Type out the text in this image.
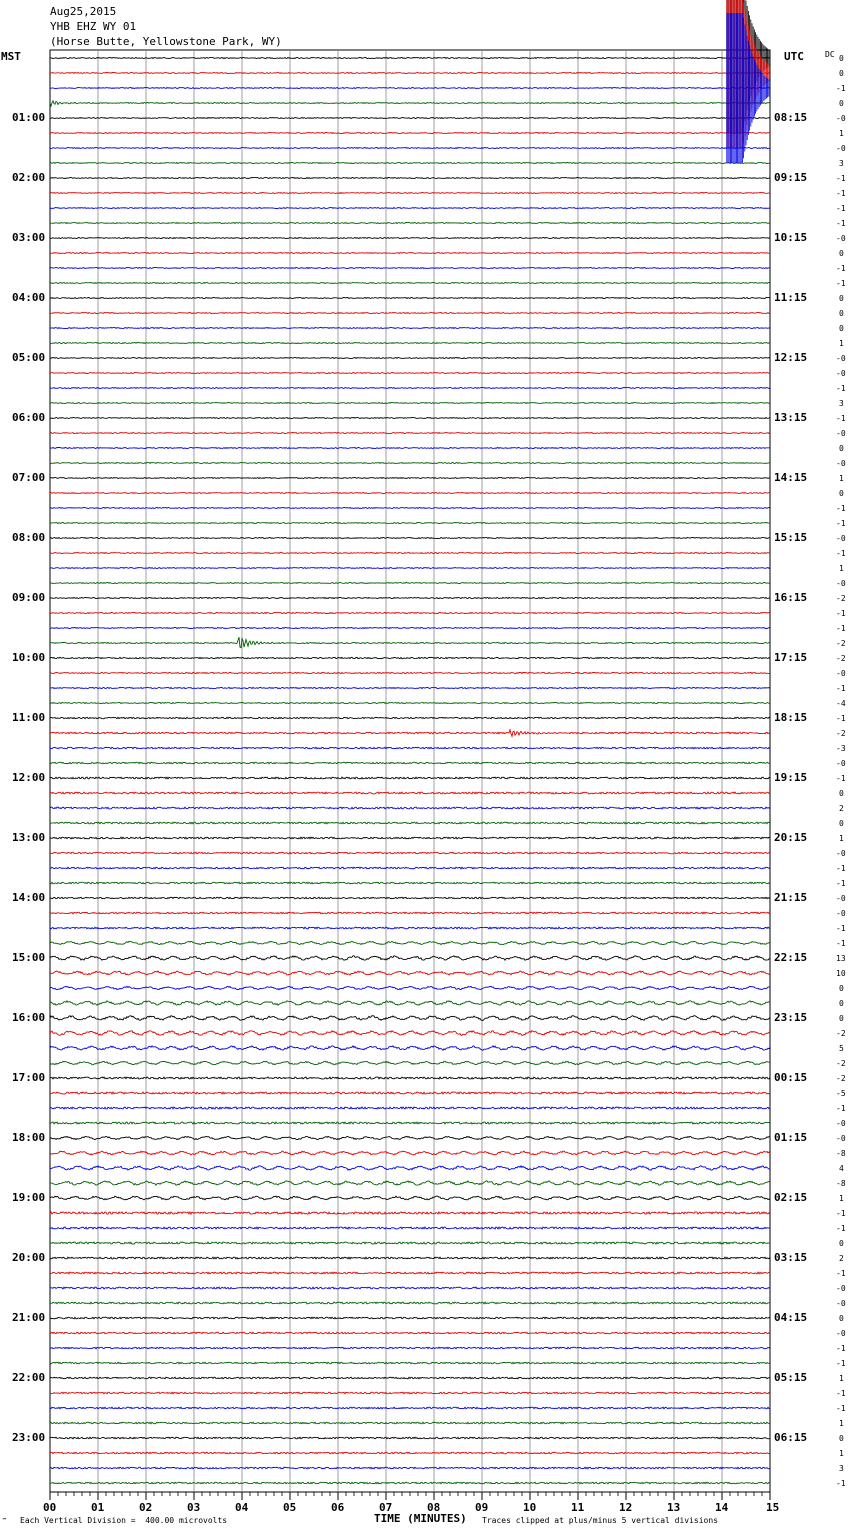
Aug25,2015
YHB EHZ WY 01
(Horse Butte, Yellowstone Park, WY)
MST	UTC	DC
01:00
02:00
03:00
04:00
05:00
06:00
07:00
08:00
09:00
10:00
11:00
12:00
13:00
14:00
15:00
16:00
17:00
18:00
19:00
20:00
21:00
22:00
23:00
08:15
09:15
10:15
11:15
12:15
13:15
14:15
15:15
16:15
17:15
18:15
19:15
20:15
21:15
22:15
23:15
00:15
01:15
02:15
03:15
04:15
05:15
06:15
0
0
-1
0
-0
1
-0
3
-1
-1
-1
-1
-0
0
-1
-1
0
0
0
1
-0
-0
-1
3
-1
-0
0
-0
1
0
-1
-1
-0
-1
1
-0
-2
-1
-1
-2
-2
-0
-1
-4
-1
-2
-3
-0
-1
0
2
0
1
-0
-1
-1
-0
-0
-1
-1
13
10
0
0
0
-2
5
-2
-2
-5
-1
-0
-0
-8
4
-8
1
-1
-1
0
2
-1
-0
-0
0
-0
-1
-1
1
-1
-1
1
0
1
3
-1
00	01	02	03	04	05	06	07	08	09	10	11	12	13	14	15
‴ Each Vertical Division =  400.00 microvolts	TIME (MINUTES) Traces clipped at plus/minus 5 vertical divisions
